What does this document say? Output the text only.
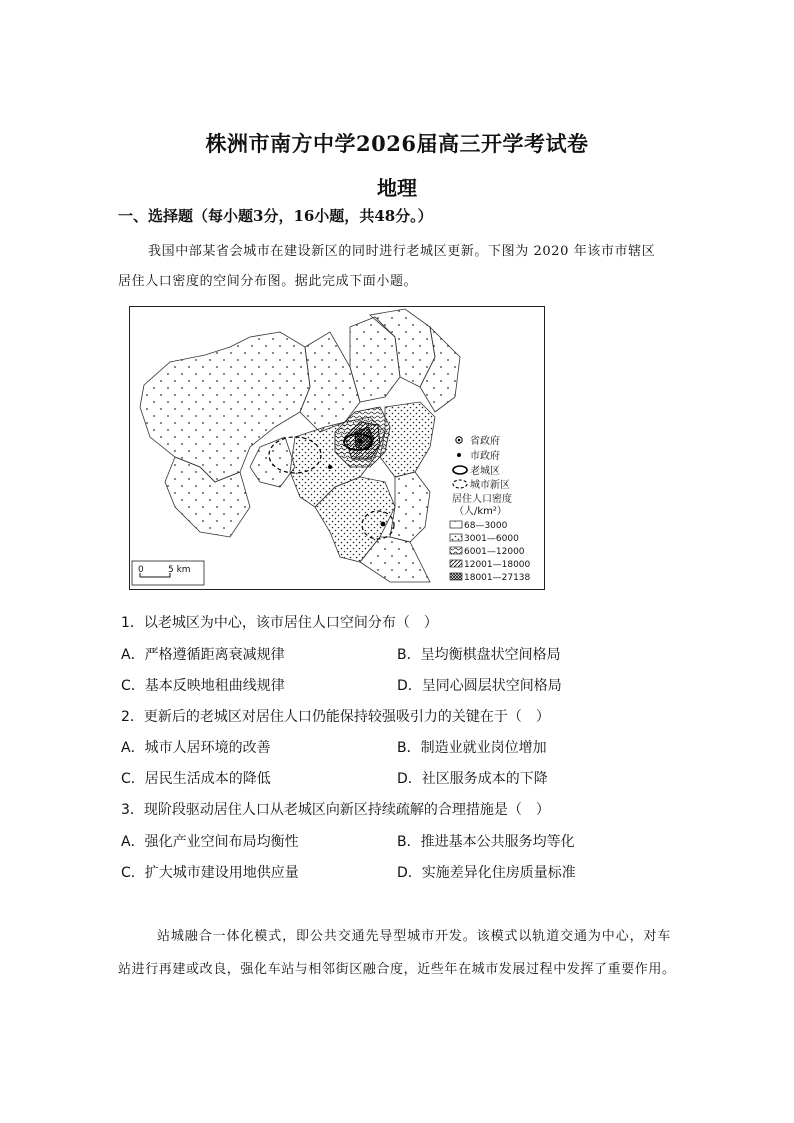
株洲市南方中学2026届高三开学考试卷
地理
一、选择题（每小题3分，16小题，共48分。）
我国中部某省会城市在建设新区的同时进行老城区更新。下图为 2020 年该市市辖区
居住人口密度的空间分布图。据此完成下面小题。
0	5 km
省政府
市政府
老城区
城市新区
居住人口密度
（人/km²）
68—3000
3001—6000
6001—12000
12001—18000
18001—27138
1．以老城区为中心，该市居住人口空间分布（　）
A．严格遵循距离衰减规律	B．呈均衡棋盘状空间格局
C．基本反映地租曲线规律	D．呈同心圆层状空间格局
2．更新后的老城区对居住人口仍能保持较强吸引力的关键在于（　）
A．城市人居环境的改善	B．制造业就业岗位增加
C．居民生活成本的降低	D．社区服务成本的下降
3．现阶段驱动居住人口从老城区向新区持续疏解的合理措施是（　）
A．强化产业空间布局均衡性	B．推进基本公共服务均等化
C．扩大城市建设用地供应量	D．实施差异化住房质量标准
站城融合一体化模式，即公共交通先导型城市开发。该模式以轨道交通为中心，对车
站进行再建或改良，强化车站与相邻街区融合度，近些年在城市发展过程中发挥了重要作用。
